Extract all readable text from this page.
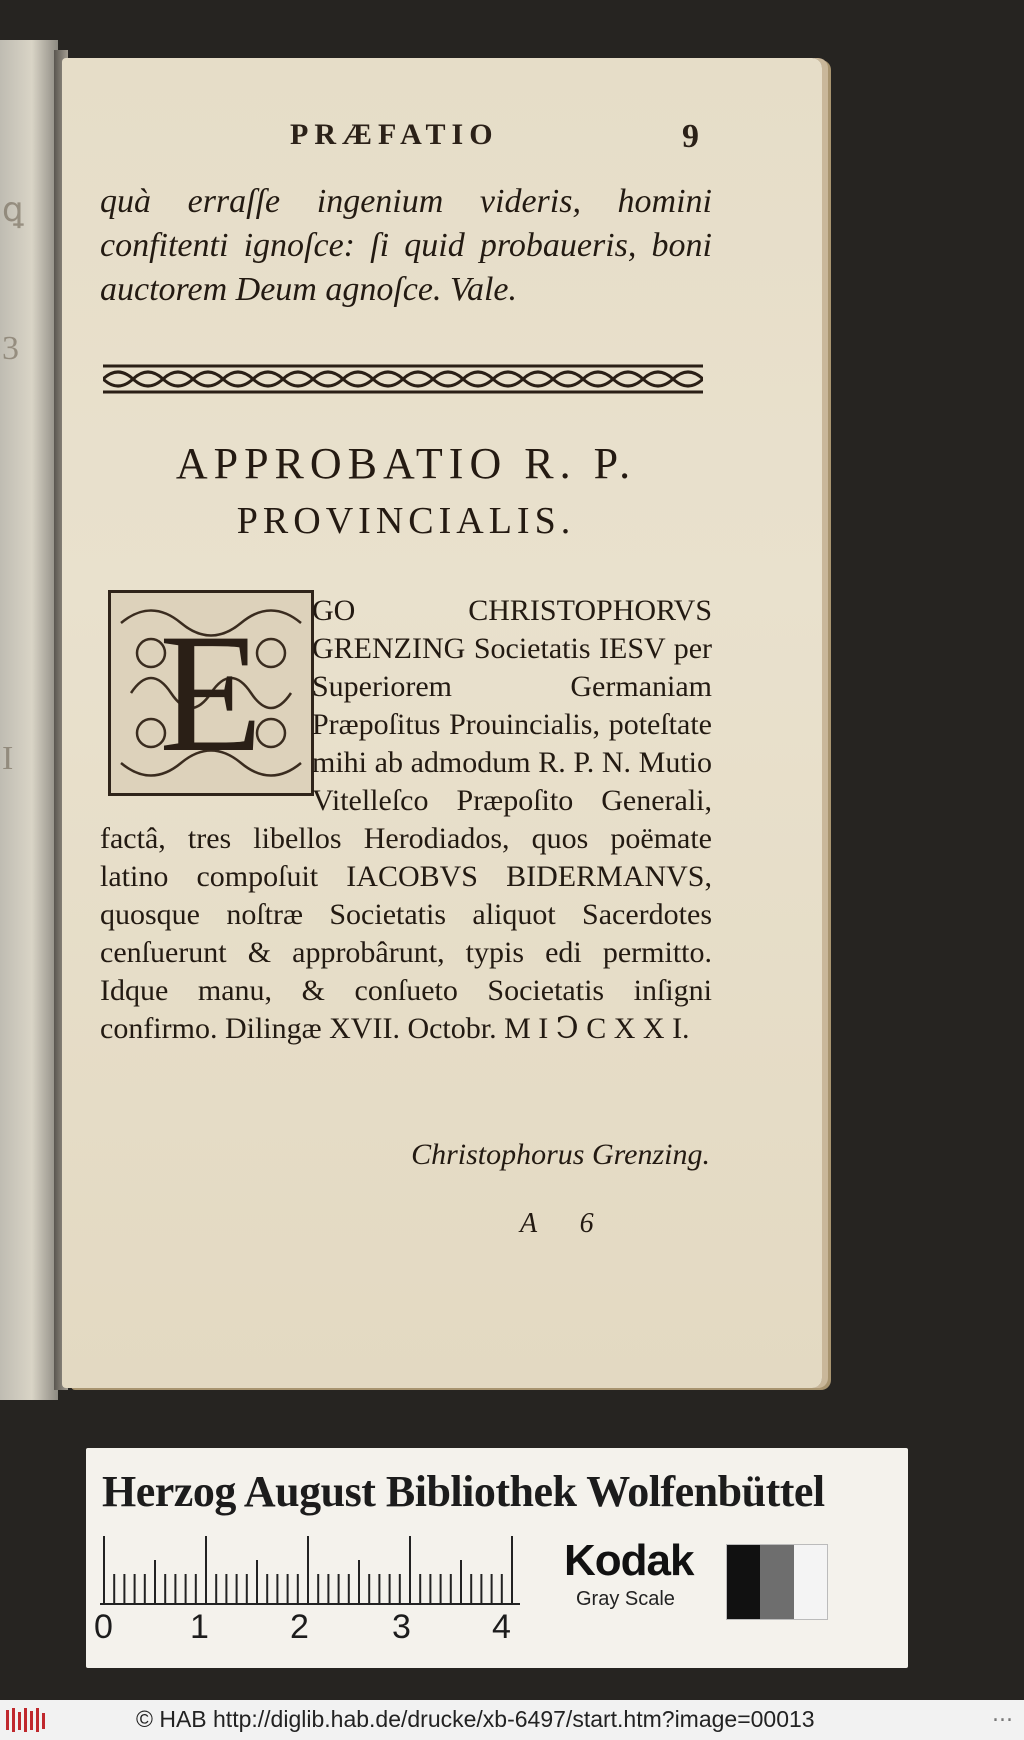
ꝗ
3
I
PRÆFATIO	9

quà erraſſe ingenium videris, homini confitenti ignoſce: ſi quid probaueris, boni auctorem Deum agnoſce. Vale.

APPROBATIO R. P.
PROVINCIALIS.
E	GO CHRISTOPHORVS GRENZING Societatis IESV per Superiorem Germaniam Præpoſitus Prouincialis, poteſtate mihi ab admodum R. P. N. Mutio Vitelleſco Præpoſito Generali, factâ, tres libellos Herodiados, quos poëmate latino compoſuit IACOBVS BIDERMANVS, quosque noſtræ Societatis aliquot Sacerdotes cenſuerunt & approbârunt, typis edi permitto. Idque manu, & conſueto Societatis inſigni confirmo. Dilingæ XVII. Octobr. M I Ↄ C X X I.

Christophorus Grenzing.
A 6
Herzog August Bibliothek Wolfenbüttel
0 1 2 3 4
Kodak
Gray Scale
© HAB http://diglib.hab.de/drucke/xb-6497/start.htm?image=00013	...
